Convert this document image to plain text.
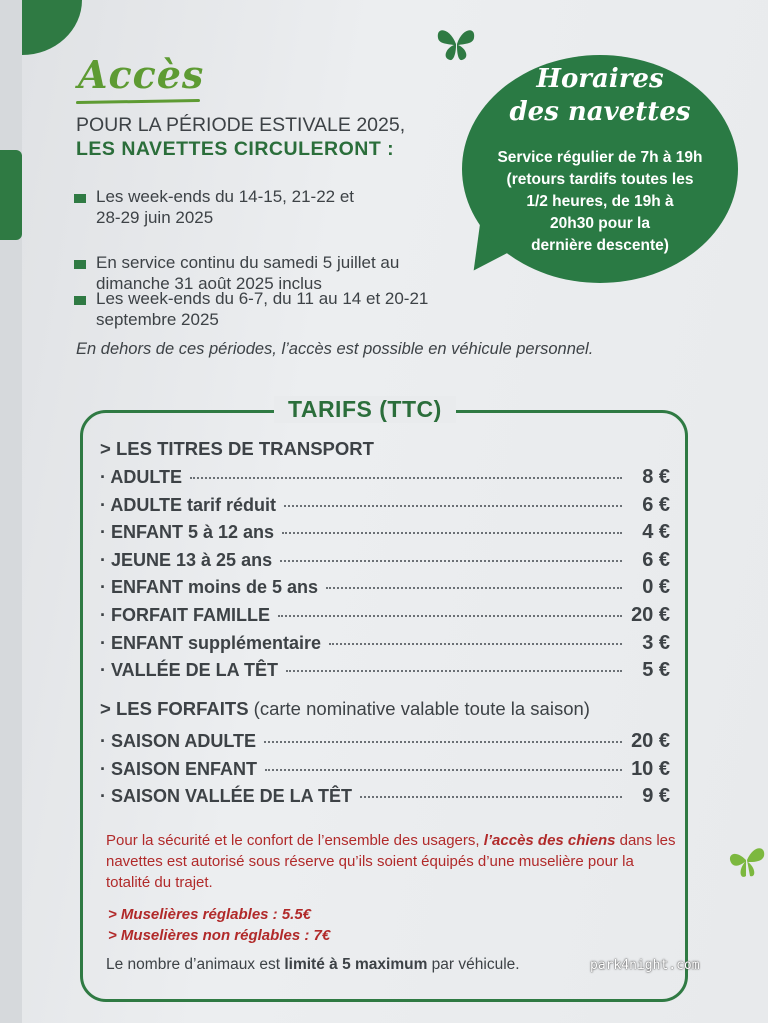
Accès
POUR LA PÉRIODE ESTIVALE 2025,
LES NAVETTES CIRCULERONT :
Les week-ends du 14-15, 21-22 et 28-29 juin 2025
En service continu du samedi 5 juillet au dimanche 31 août 2025 inclus
Les week-ends du 6-7, du 11 au 14 et 20-21 septembre 2025
En dehors de ces périodes, l’accès est possible en véhicule personnel.
Horaires
des navettes
Service régulier de 7h à 19h
(retours tardifs toutes les
1/2 heures, de 19h à
20h30 pour la
dernière descente)
TARIFS (TTC)
> LES TITRES DE TRANSPORT
· ADULTE	8 €
· ADULTE tarif réduit	6 €
· ENFANT 5 à 12 ans	4 €
· JEUNE 13 à 25 ans	6 €
· ENFANT moins de 5 ans	0 €
· FORFAIT FAMILLE	20 €
· ENFANT supplémentaire	3 €
· VALLÉE DE LA TÊT	5 €
> LES FORFAITS (carte nominative valable toute la saison)
· SAISON ADULTE	20 €
· SAISON ENFANT	10 €
· SAISON VALLÉE DE LA TÊT	9 €
Pour la sécurité et le confort de l’ensemble des usagers, l’accès des chiens dans les navettes est autorisé sous réserve qu’ils soient équipés d’une muselière pour la totalité du trajet.
> Muselières réglables : 5.5€
> Muselières non réglables : 7€
Le nombre d’animaux est limité à 5 maximum par véhicule.	park4night.com
